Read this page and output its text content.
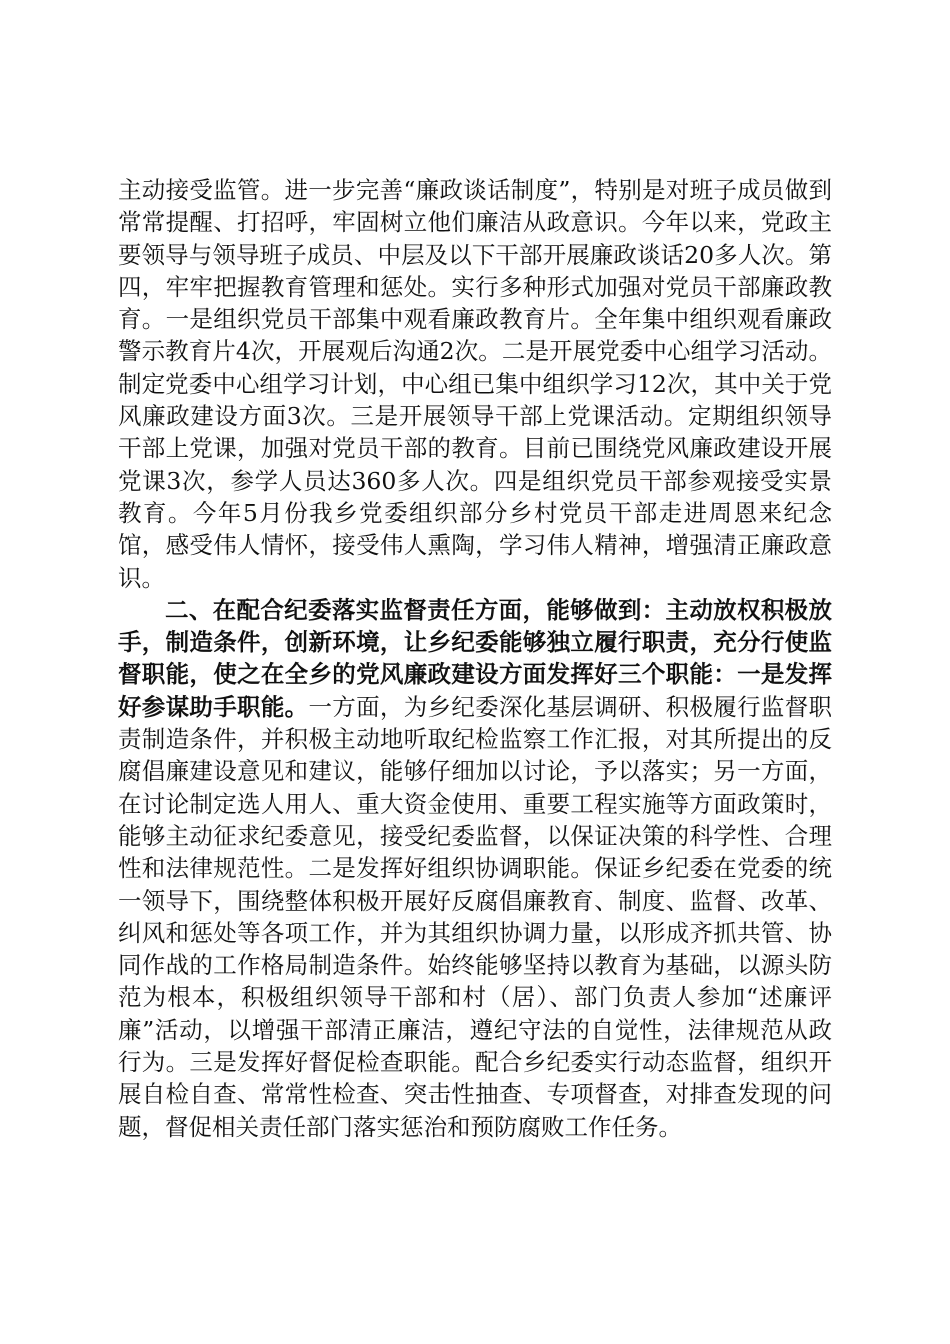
主动接受监管。进一步完善“廉政谈话制度”，特别是对班子成员做到常常提醒、打招呼，牢固树立他们廉洁从政意识。今年以来，党政主要领导与领导班子成员、中层及以下干部开展廉政谈话20多人次。第四，牢牢把握教育管理和惩处。实行多种形式加强对党员干部廉政教育。一是组织党员干部集中观看廉政教育片。全年集中组织观看廉政警示教育片4次，开展观后沟通2次。二是开展党委中心组学习活动。制定党委中心组学习计划，中心组已集中组织学习12次，其中关于党风廉政建设方面3次。三是开展领导干部上党课活动。定期组织领导干部上党课，加强对党员干部的教育。目前已围绕党风廉政建设开展党课3次，参学人员达360多人次。四是组织党员干部参观接受实景教育。今年5月份我乡党委组织部分乡村党员干部走进周恩来纪念馆，感受伟人情怀，接受伟人熏陶，学习伟人精神，增强清正廉政意识。

二、在配合纪委落实监督责任方面，能够做到：主动放权积极放手，制造条件，创新环境，让乡纪委能够独立履行职责，充分行使监督职能，使之在全乡的党风廉政建设方面发挥好三个职能：一是发挥好参谋助手职能。一方面，为乡纪委深化基层调研、积极履行监督职责制造条件，并积极主动地听取纪检监察工作汇报，对其所提出的反腐倡廉建设意见和建议，能够仔细加以讨论，予以落实；另一方面，在讨论制定选人用人、重大资金使用、重要工程实施等方面政策时，能够主动征求纪委意见，接受纪委监督，以保证决策的科学性、合理性和法律规范性。二是发挥好组织协调职能。保证乡纪委在党委的统一领导下，围绕整体积极开展好反腐倡廉教育、制度、监督、改革、纠风和惩处等各项工作，并为其组织协调力量，以形成齐抓共管、协同作战的工作格局制造条件。始终能够坚持以教育为基础，以源头防范为根本，积极组织领导干部和村（居）、部门负责人参加“述廉评廉”活动，以增强干部清正廉洁，遵纪守法的自觉性，法律规范从政行为。三是发挥好督促检查职能。配合乡纪委实行动态监督，组织开展自检自查、常常性检查、突击性抽查、专项督查，对排查发现的问题，督促相关责任部门落实惩治和预防腐败工作任务。
